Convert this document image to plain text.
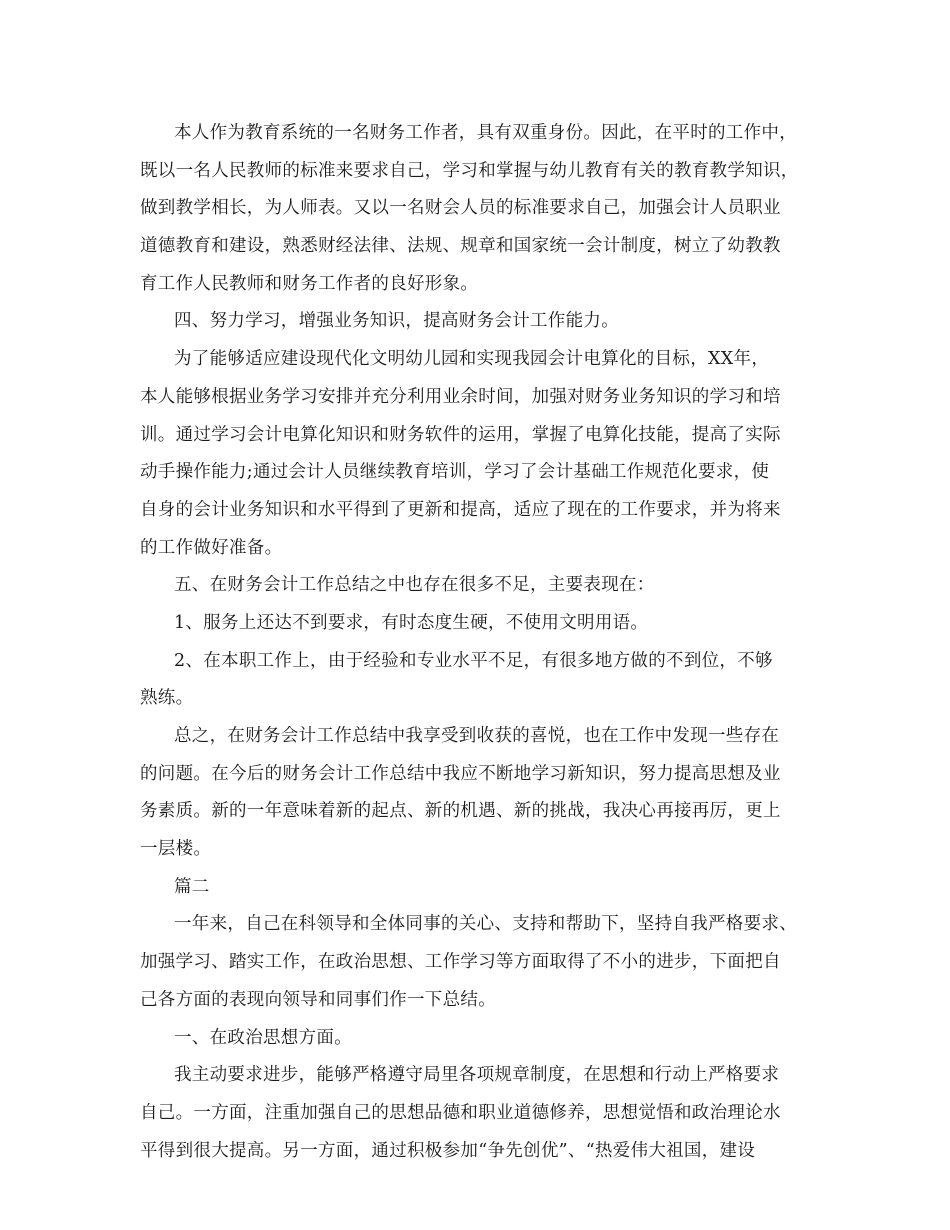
本人作为教育系统的一名财务工作者，具有双重身份。因此，在平时的工作中，
既以一名人民教师的标准来要求自己，学习和掌握与幼儿教育有关的教育教学知识，
做到教学相长，为人师表。又以一名财会人员的标准要求自己，加强会计人员职业
道德教育和建设，熟悉财经法律、法规、规章和国家统一会计制度，树立了幼教教
育工作人民教师和财务工作者的良好形象。
四、努力学习，增强业务知识，提高财务会计工作能力。
为了能够适应建设现代化文明幼儿园和实现我园会计电算化的目标，XX年，
本人能够根据业务学习安排并充分利用业余时间，加强对财务业务知识的学习和培
训。通过学习会计电算化知识和财务软件的运用，掌握了电算化技能，提高了实际
动手操作能力;通过会计人员继续教育培训，学习了会计基础工作规范化要求，使
自身的会计业务知识和水平得到了更新和提高，适应了现在的工作要求，并为将来
的工作做好准备。
五、在财务会计工作总结之中也存在很多不足，主要表现在：
1、服务上还达不到要求，有时态度生硬，不使用文明用语。
2、在本职工作上，由于经验和专业水平不足，有很多地方做的不到位，不够
熟练。
总之，在财务会计工作总结中我享受到收获的喜悦，也在工作中发现一些存在
的问题。在今后的财务会计工作总结中我应不断地学习新知识，努力提高思想及业
务素质。新的一年意味着新的起点、新的机遇、新的挑战，我决心再接再厉，更上
一层楼。
篇二
一年来，自己在科领导和全体同事的关心、支持和帮助下，坚持自我严格要求、
加强学习、踏实工作，在政治思想、工作学习等方面取得了不小的进步，下面把自
己各方面的表现向领导和同事们作一下总结。
一、在政治思想方面。
我主动要求进步，能够严格遵守局里各项规章制度，在思想和行动上严格要求
自己。一方面，注重加强自己的思想品德和职业道德修养，思想觉悟和政治理论水
平得到很大提高。另一方面，通过积极参加“争先创优”、“热爱伟大祖国，建设
